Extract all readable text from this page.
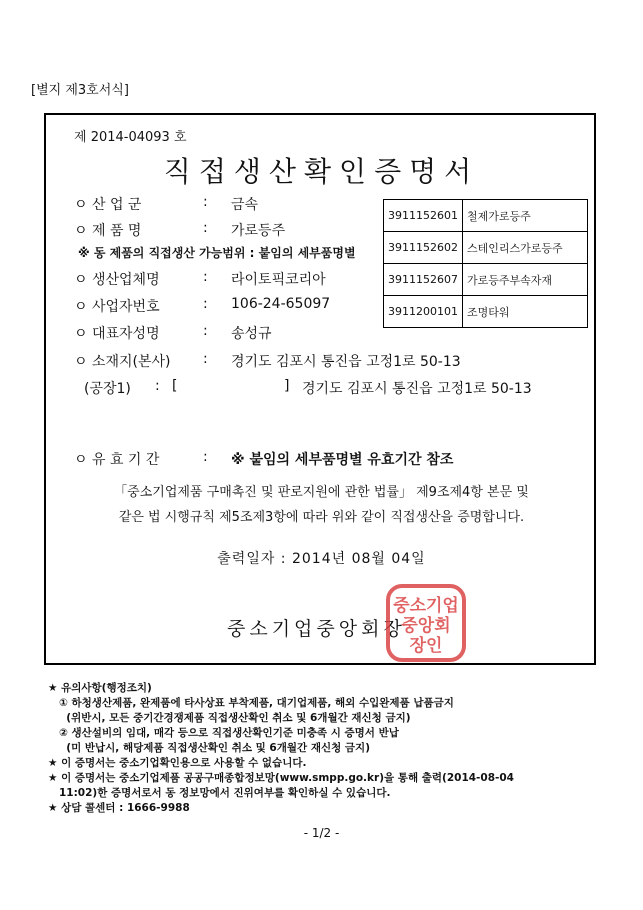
[별지 제3호서식]
제 2014-04093 호
직접생산확인증명서
ㅇ 산 업 군	: 금속
ㅇ 제 품 명	: 가로등주
※ 동 제품의 직접생산 가능범위 : 붙임의 세부품명별
ㅇ 생산업체명	: 라이토픽코리아
ㅇ 사업자번호	: 106-24-65097
ㅇ 대표자성명	: 송성규
ㅇ 소재지(본사) : 경기도 김포시 통진읍 고정1로 50-13
(공장1) : [	] 경기도 김포시 통진읍 고정1로 50-13
ㅇ 유 효 기 간	: ※ 붙임의 세부품명별 유효기간 참조
3911152601	철제가로등주
3911152602	스테인리스가로등주
3911152607	가로등주부속자재
3911200101	조명타워
「중소기업제품 구매촉진 및 판로지원에 관한 법률」 제9조제4항 본문 및
같은 법 시행규칙 제5조제3항에 따라 위와 같이 직접생산을 증명합니다.
출력일자 : 2014년 08월 04일
중소기업중앙회장
중소기업
중앙회
장인
★ 유의사항(행정조치)
① 하청생산제품, 완제품에 타사상표 부착제품, 대기업제품, 해외 수입완제품 납품금지
(위반시, 모든 중기간경쟁제품 직접생산확인 취소 및 6개월간 재신청 금지)
② 생산설비의 임대, 매각 등으로 직접생산확인기준 미충족 시 증명서 반납
(미 반납시, 해당제품 직접생산확인 취소 및 6개월간 재신청 금지)
★ 이 증명서는 중소기업확인용으로 사용할 수 없습니다.
★ 이 증명서는 중소기업제품 공공구매종합정보망(www.smpp.go.kr)을 통해 출력(2014-08-04
11:02)한 증명서로서 동 정보망에서 진위여부를 확인하실 수 있습니다.
★ 상담 콜센터 : 1666-9988
- 1/2 -
